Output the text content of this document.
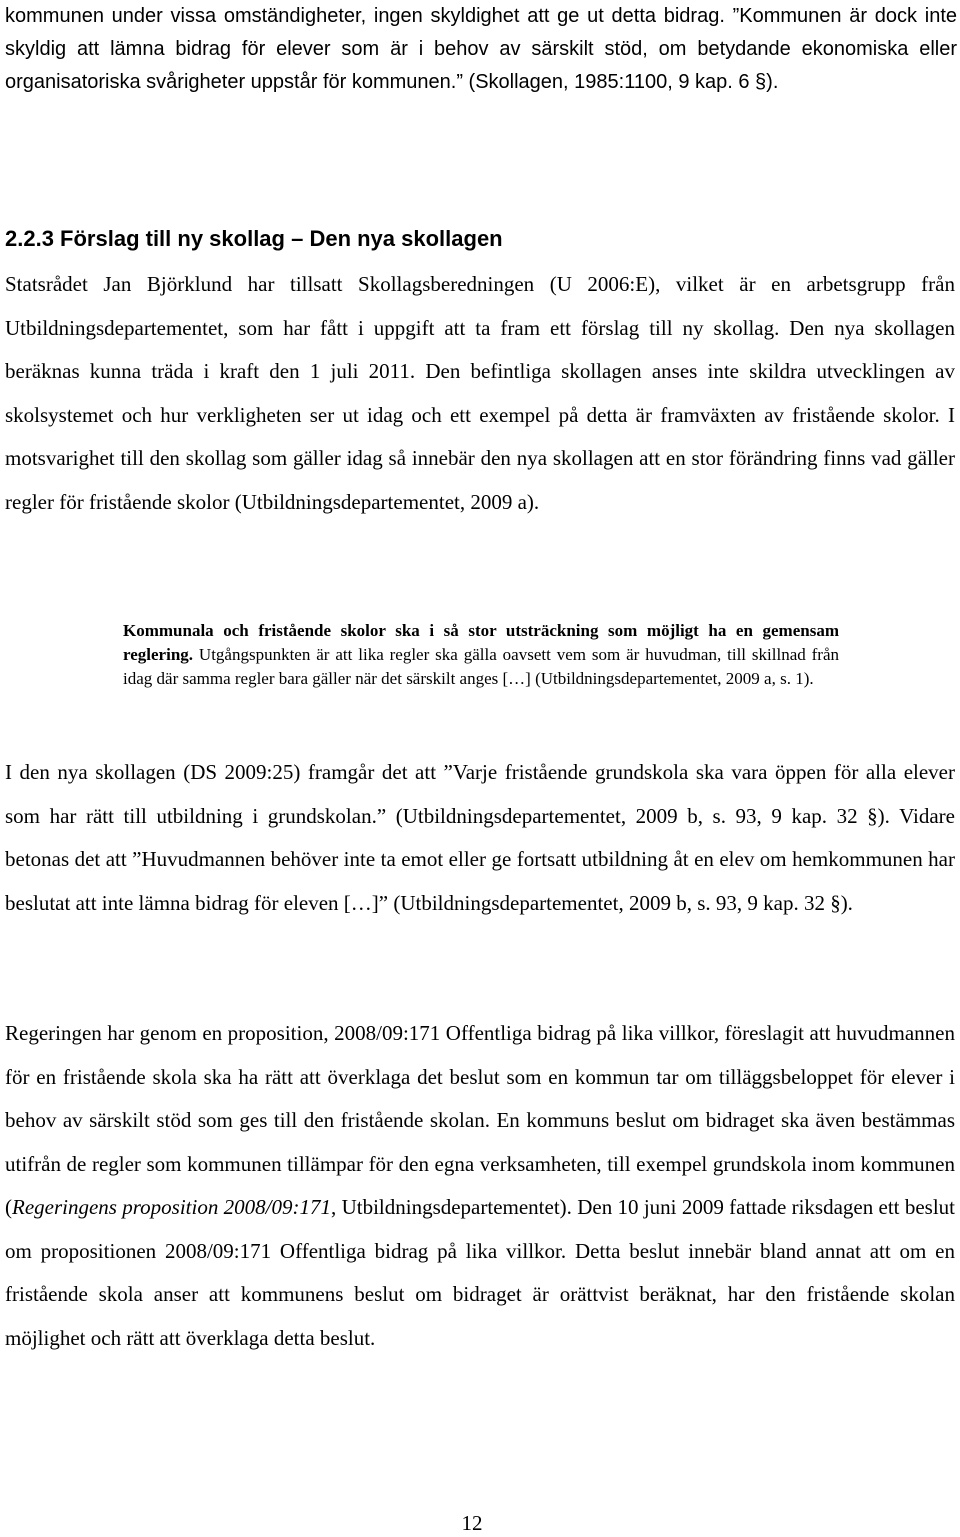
kommunen under vissa omständigheter, ingen skyldighet att ge ut detta bidrag. ”Kommunen är dock inte skyldig att lämna bidrag för elever som är i behov av särskilt stöd, om betydande ekonomiska eller organisatoriska svårigheter uppstår för kommunen.” (Skollagen, 1985:1100, 9 kap. 6 §).

2.2.3 Förslag till ny skollag – Den nya skollagen

Statsrådet Jan Björklund har tillsatt Skollagsberedningen (U 2006:E), vilket är en arbetsgrupp från Utbildningsdepartementet, som har fått i uppgift att ta fram ett förslag till ny skollag. Den nya skollagen beräknas kunna träda i kraft den 1 juli 2011. Den befintliga skollagen anses inte skildra utvecklingen av skolsystemet och hur verkligheten ser ut idag och ett exempel på detta är framväxten av fristående skolor. I motsvarighet till den skollag som gäller idag så innebär den nya skollagen att en stor förändring finns vad gäller regler för fristående skolor (Utbildningsdepartementet, 2009 a).

Kommunala och fristående skolor ska i så stor utsträckning som möjligt ha en gemensam reglering. Utgångspunkten är att lika regler ska gälla oavsett vem som är huvudman, till skillnad från idag där samma regler bara gäller när det särskilt anges […] (Utbildningsdepartementet, 2009 a, s. 1).

I den nya skollagen (DS 2009:25) framgår det att ”Varje fristående grundskola ska vara öppen för alla elever som har rätt till utbildning i grundskolan.” (Utbildningsdepartementet, 2009 b, s. 93, 9 kap. 32 §). Vidare betonas det att ”Huvudmannen behöver inte ta emot eller ge fortsatt utbildning åt en elev om hemkommunen har beslutat att inte lämna bidrag för eleven […]” (Utbildningsdepartementet, 2009 b, s. 93, 9 kap. 32 §).

Regeringen har genom en proposition, 2008/09:171 Offentliga bidrag på lika villkor, föreslagit att huvudmannen för en fristående skola ska ha rätt att överklaga det beslut som en kommun tar om tilläggsbeloppet för elever i behov av särskilt stöd som ges till den fristående skolan. En kommuns beslut om bidraget ska även bestämmas utifrån de regler som kommunen tillämpar för den egna verksamheten, till exempel grundskola inom kommunen (Regeringens proposition 2008/09:171, Utbildningsdepartementet). Den 10 juni 2009 fattade riksdagen ett beslut om propositionen 2008/09:171 Offentliga bidrag på lika villkor. Detta beslut innebär bland annat att om en fristående skola anser att kommunens beslut om bidraget är orättvist beräknat, har den fristående skolan möjlighet och rätt att överklaga detta beslut.

12
